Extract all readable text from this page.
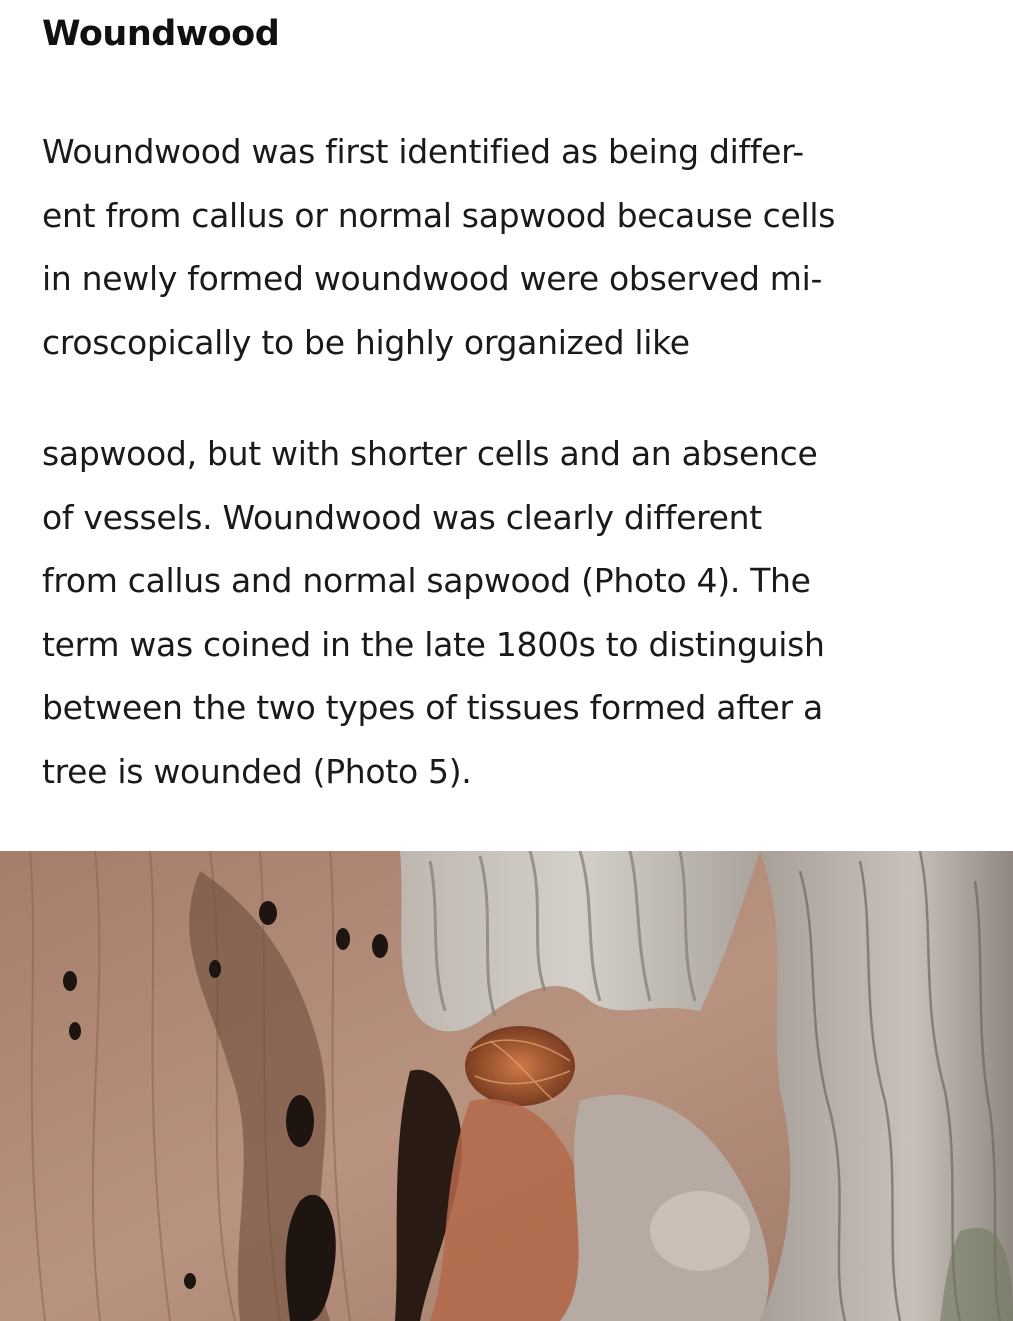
Woundwood

Woundwood was first identified as being differ-
ent from callus or normal sapwood because cells
in newly formed woundwood were observed mi-
croscopically to be highly organized like

sapwood, but with shorter cells and an absence
of vessels. Woundwood was clearly different
from callus and normal sapwood (Photo 4). The
term was coined in the late 1800s to distinguish
between the two types of tissues formed after a
tree is wounded (Photo 5).
